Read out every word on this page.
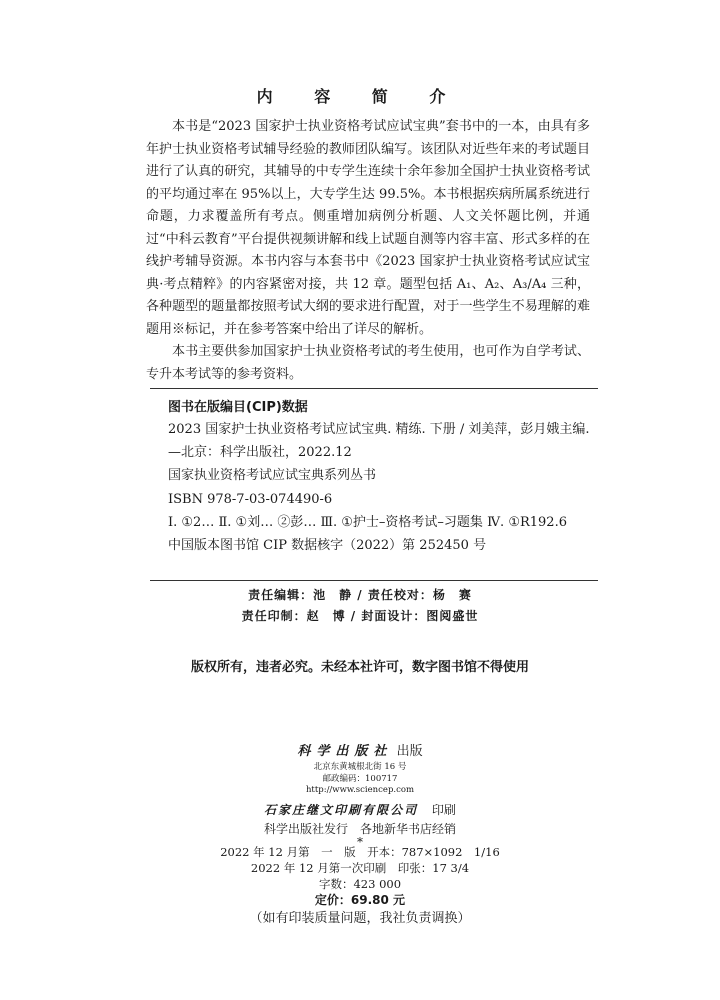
内 容 简 介

本书是“2023 国家护士执业资格考试应试宝典”套书中的一本，由具有多年护士执业资格考试辅导经验的教师团队编写。该团队对近些年来的考试题目进行了认真的研究，其辅导的中专学生连续十余年参加全国护士执业资格考试的平均通过率在 95%以上，大专学生达 99.5%。本书根据疾病所属系统进行命题，力求覆盖所有考点。侧重增加病例分析题、人文关怀题比例，并通过“中科云教育”平台提供视频讲解和线上试题自测等内容丰富、形式多样的在线护考辅导资源。本书内容与本套书中《2023 国家护士执业资格考试应试宝典·考点精粹》的内容紧密对接，共 12 章。题型包括 A₁、A₂、A₃/A₄ 三种，各种题型的题量都按照考试大纲的要求进行配置，对于一些学生不易理解的难题用※标记，并在参考答案中给出了详尽的解析。

本书主要供参加国家护士执业资格考试的考生使用，也可作为自学考试、专升本考试等的参考资料。

图书在版编目(CIP)数据
2023 国家护士执业资格考试应试宝典. 精练. 下册 / 刘美萍，彭月娥主编. —北京：科学出版社，2022.12
国家执业资格考试应试宝典系列丛书
ISBN 978-7-03-074490-6
Ⅰ. ①2… Ⅱ. ①刘… ②彭… Ⅲ. ①护士–资格考试–习题集 Ⅳ. ①R192.6
中国版本图书馆 CIP 数据核字（2022）第 252450 号
责任编辑：池　静 / 责任校对：杨　赛
责任印制：赵　博 / 封面设计：图阅盛世
版权所有，违者必究。未经本社许可，数字图书馆不得使用
科学出版社 出版
北京东黄城根北街 16 号
邮政编码：100717
http://www.sciencep.com
石家庄继文印刷有限公司 印刷
科学出版社发行　各地新华书店经销
*
2022 年 12 月第　一　版　开本：787×1092　1/16
2022 年 12 月第一次印刷　印张：17 3/4
字数：423 000
定价：69.80 元
（如有印装质量问题，我社负责调换）
